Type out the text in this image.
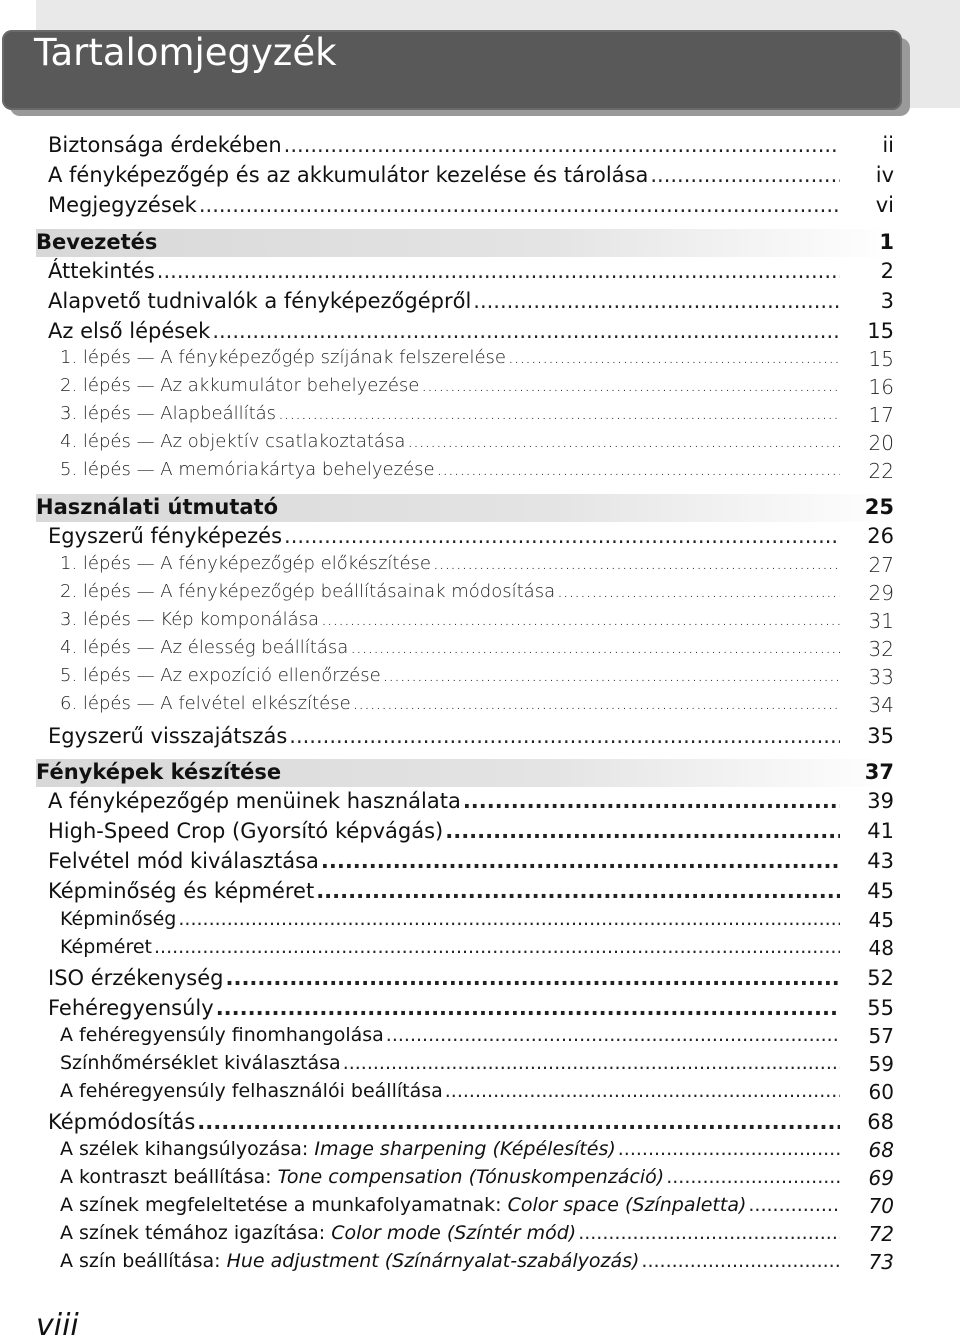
Tartalomjegyzék
Biztonsága érdekében .....	ii
A fényképezőgép és az akkumulátor kezelése és tárolása .....	iv
Megjegyzések .....	vi
Bevezetés	1
Áttekintés .....	2
Alapvető tudnivalók a fényképezőgépről .....	3
Az első lépések .....	15
1. lépés — A fényképezőgép szíjának felszerelése .....	15
2. lépés — Az akkumulátor behelyezése .....	16
3. lépés — Alapbeállítás .....	17
4. lépés — Az objektív csatlakoztatása .....	20
5. lépés — A memóriakártya behelyezése .....	22
Használati útmutató	25
Egyszerű fényképezés .....	26
1. lépés — A fényképezőgép előkészítése .....	27
2. lépés — A fényképezőgép beállításainak módosítása .....	29
3. lépés — Kép komponálása .....	31
4. lépés — Az élesség beállítása .....	32
5. lépés — Az expozíció ellenőrzése .....	33
6. lépés — A felvétel elkészítése .....	34
Egyszerű visszajátszás .....	35
Fényképek készítése	37
A fényképezőgép menüinek használata .....	39
High-Speed Crop (Gyorsító képvágás) .....	41
Felvétel mód kiválasztása .....	43
Képminőség és képméret .....	45
Képminőség .....	45
Képméret .....	48
ISO érzékenység .....	52
Fehéregyensúly .....	55
A fehéregyensúly finomhangolása .....	57
Színhőmérséklet kiválasztása .....	59
A fehéregyensúly felhasználói beállítása .....	60
Képmódosítás .....	68
A szélek kihangsúlyozása: Image sharpening (Képélesítés) .....	68
A kontraszt beállítása: Tone compensation (Tónuskompenzáció) .....	69
A színek megfeleltetése a munkafolyamatnak: Color space (Színpaletta) .....	70
A színek témához igazítása: Color mode (Színtér mód) .....	72
A szín beállítása: Hue adjustment (Színárnyalat-szabályozás) .....	73
viii
